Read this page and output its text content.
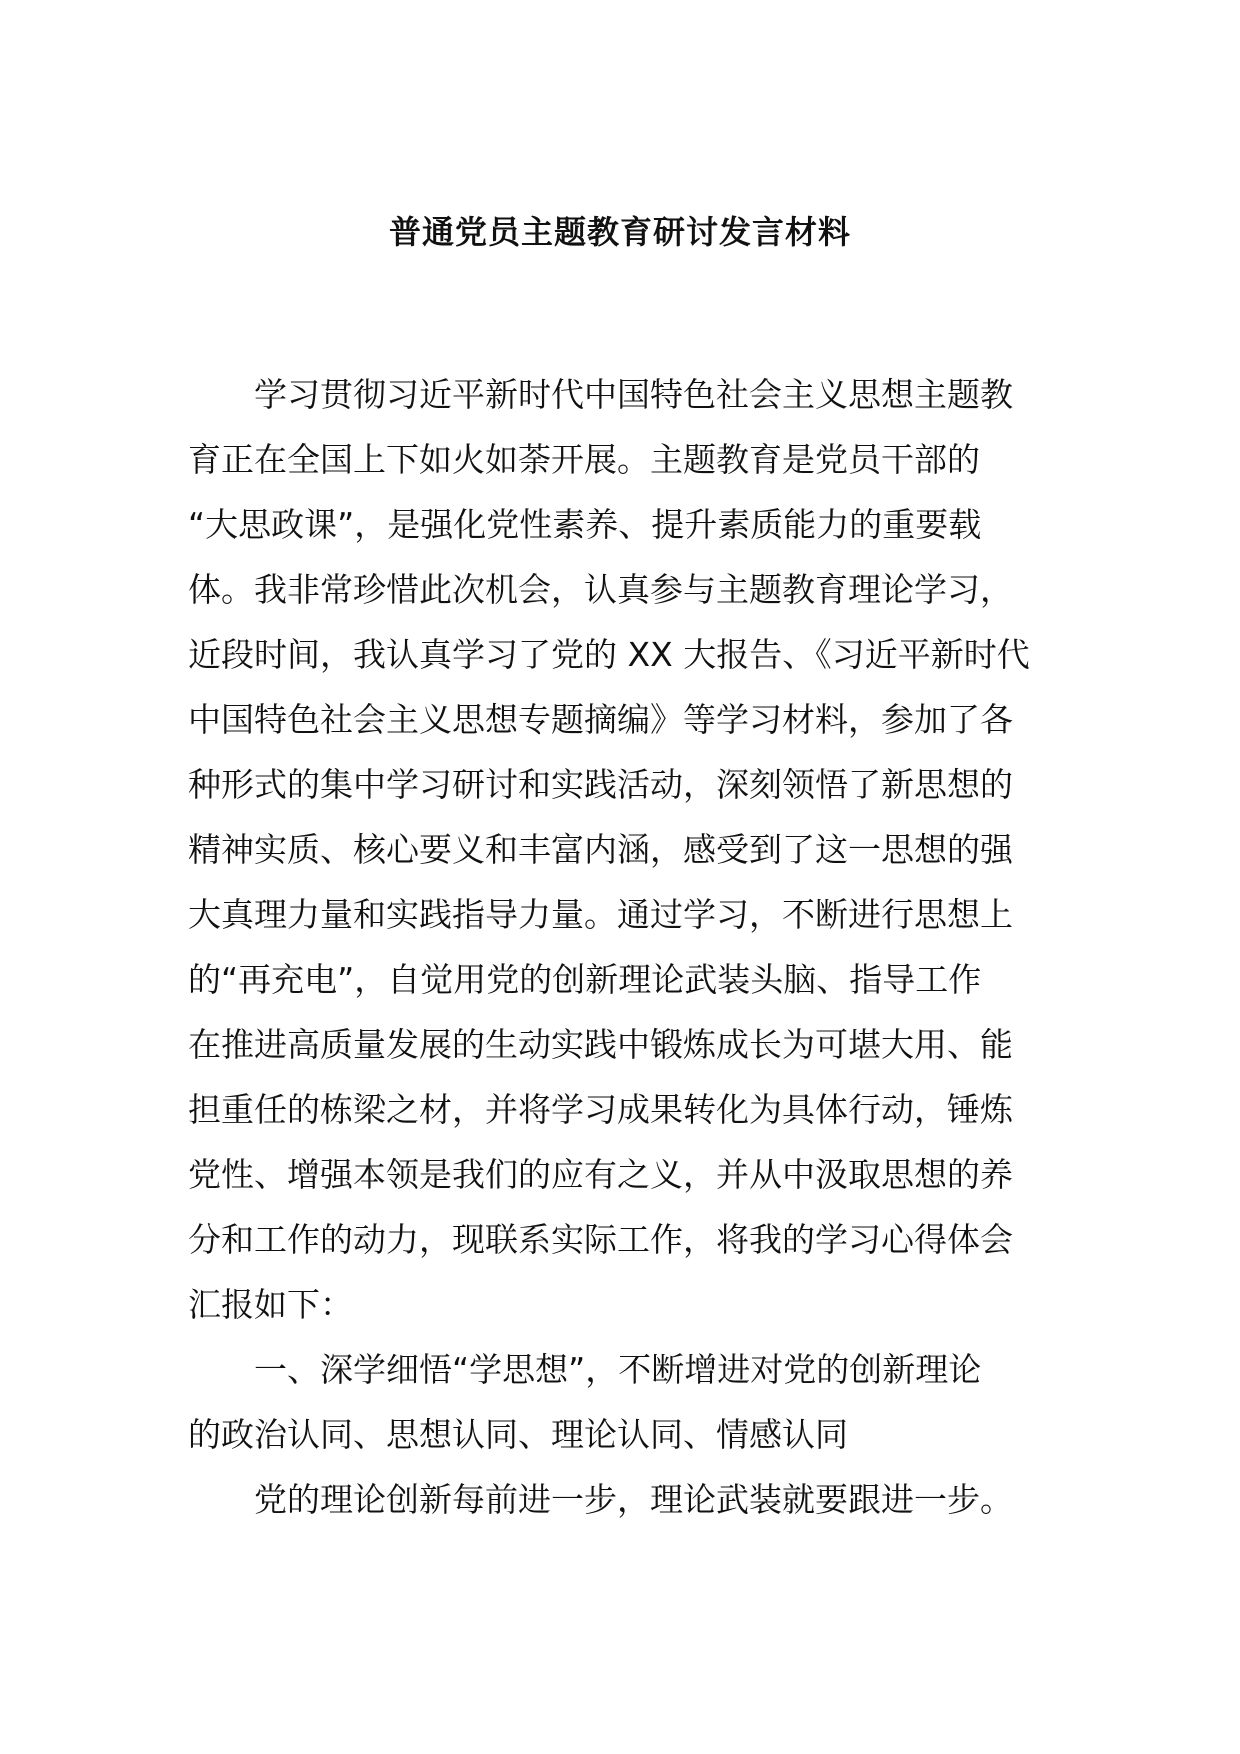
普通党员主题教育研讨发言材料
学习贯彻习近平新时代中国特色社会主义思想主题教
育正在全国上下如火如荼开展。主题教育是党员干部的
“大思政课”，是强化党性素养、提升素质能力的重要载
体。我非常珍惜此次机会，认真参与主题教育理论学习，
近段时间，我认真学习了党的 XX 大报告、《习近平新时代
中国特色社会主义思想专题摘编》等学习材料，参加了各
种形式的集中学习研讨和实践活动，深刻领悟了新思想的
精神实质、核心要义和丰富内涵，感受到了这一思想的强
大真理力量和实践指导力量。通过学习，不断进行思想上
的“再充电”，自觉用党的创新理论武装头脑、指导工作
在推进高质量发展的生动实践中锻炼成长为可堪大用、能
担重任的栋梁之材，并将学习成果转化为具体行动，锤炼
党性、增强本领是我们的应有之义，并从中汲取思想的养
分和工作的动力，现联系实际工作，将我的学习心得体会
汇报如下：
一、深学细悟“学思想”，不断增进对党的创新理论
的政治认同、思想认同、理论认同、情感认同
党的理论创新每前进一步，理论武装就要跟进一步。
